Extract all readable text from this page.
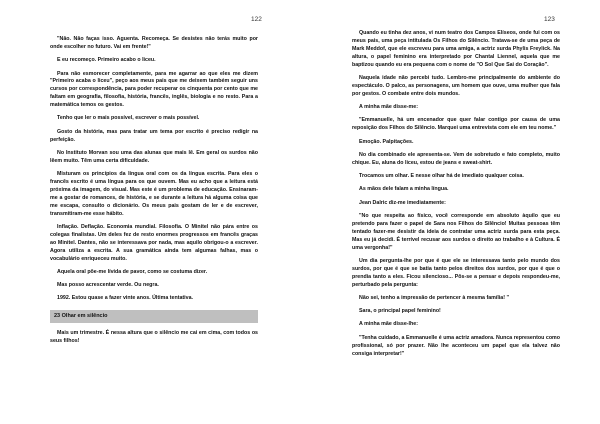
122

"Não. Não faças isso. Aguenta. Recomeça. Se desistes não terás muito por onde escolher no futuro. Vai em frente!"

E eu recomeço. Primeiro acabo o liceu.

Para não esmorecer completamente, para me agarrar ao que eles me dizem "Primeiro acaba o liceu", peço aos meus pais que me deixem também seguir uns cursos por correspondência, para poder recuperar os cinquenta por cento que me faltam em geografia, filosofia, história, francês, inglês, biologia e no resto. Para a matemática temos os gestos.

Tenho que ler o mais possível, escrever o mais possível.

Gosto da história, mas para tratar um tema por escrito é preciso redigir na perfeição.

No Instituto Morvan sou uma das alunas que mais lê. Em geral os surdos não lêem muito. Têm uma certa dificuldade.

Misturam os princípios da língua oral com os da língua escrita. Para eles o francês escrito é uma língua para os que ouvem. Mas eu acho que a leitura está próxima da imagem, do visual. Mas este é um problema de educação. Ensinaram-me a gostar de romances, de história, e se durante a leitura há alguma coisa que me escapa, consulto o dicionário. Os meus pais gostam de ler e de escrever, transmitiram-me esse hábito.

Inflação. Deflação. Economia mundial. Filosofia. O Minitel não pára entre os colegas finalistas. Um deles fez de resto enormes progressos em francês graças ao Minitel. Dantes, não se interessava por nada, mas aquilo obrigou-o a escrever. Agora utiliza a escrita. A sua gramática ainda tem algumas falhas, mas o vocabulário enriqueceu muito.

Aquela oral põe-me lívida de pavor, como se costuma dizer.

Mas posso acrescentar verde. Ou negra.

1992. Estou quase a fazer vinte anos. Última tentativa.

23 Olhar em silêncio

Mais um trimestre. É nessa altura que o silêncio me cai em cima, com todos os seus filhos!

123

Quando eu tinha dez anos, vi num teatro dos Campos Elíseos, onde fui com os meus pais, uma peça intitulada Os Filhos do Silêncio. Tratava-se de uma peça de Mark Meddof, que ele escreveu para uma amiga, a actriz surda Phylis Freylick. Na altura, o papel feminino era interpretado por Chantal Liennel, aquela que me baptizou quando eu era pequena com o nome de "O Sol Que Sai do Coração".

Naquela idade não percebi tudo. Lembro-me principalmente do ambiente do espectáculo. O palco, as personagens, um homem que ouve, uma mulher que fala por gestos. O combate entre dois mundos.

A minha mãe disse-me:

"Emmanuelle, há um encenador que quer falar contigo por causa de uma reposição dos Filhos do Silêncio. Marquei uma entrevista com ele em teu nome."

Emoção. Palpitações.

No dia combinado ele apresenta-se. Vem de sobretudo e fato completo, muito chique. Eu, aluna do liceu, estou de jeans e sweat-shirt.

Trocamos um olhar. E nesse olhar há de imediato qualquer coisa.

As mãos dele falam a minha língua.

Jean Dalric diz-me imediatamente:

"No que respeita ao físico, você corresponde em absoluto àquilo que eu pretendo para fazer o papel de Sara nos Filhos do Silêncio! Muitas pessoas têm tentado fazer-me desistir da ideia de contratar uma actriz surda para esta peça. Mas eu já decidi. É terrível recusar aos surdos o direito ao trabalho e à Cultura. É uma vergonha!"

Um dia pergunta-lhe por que é que ele se interessava tanto pelo mundo dos surdos, por que é que se batia tanto pelos direitos dos surdos, por que é que o prendia tanto a eles. Ficou silencioso... Pôs-se a pensar e depois respondeu-me, perturbado pela pergunta:

Não sei, tenho a impressão de pertencer à mesma família! "

Sara, o principal papel feminino!

A minha mãe disse-lhe:

"Tenha cuidado, a Emmanuelle é uma actriz amadora. Nunca representou como profissional, só por prazer. Não lhe aconteceu um papel que ela talvez não consiga interpretar!"
